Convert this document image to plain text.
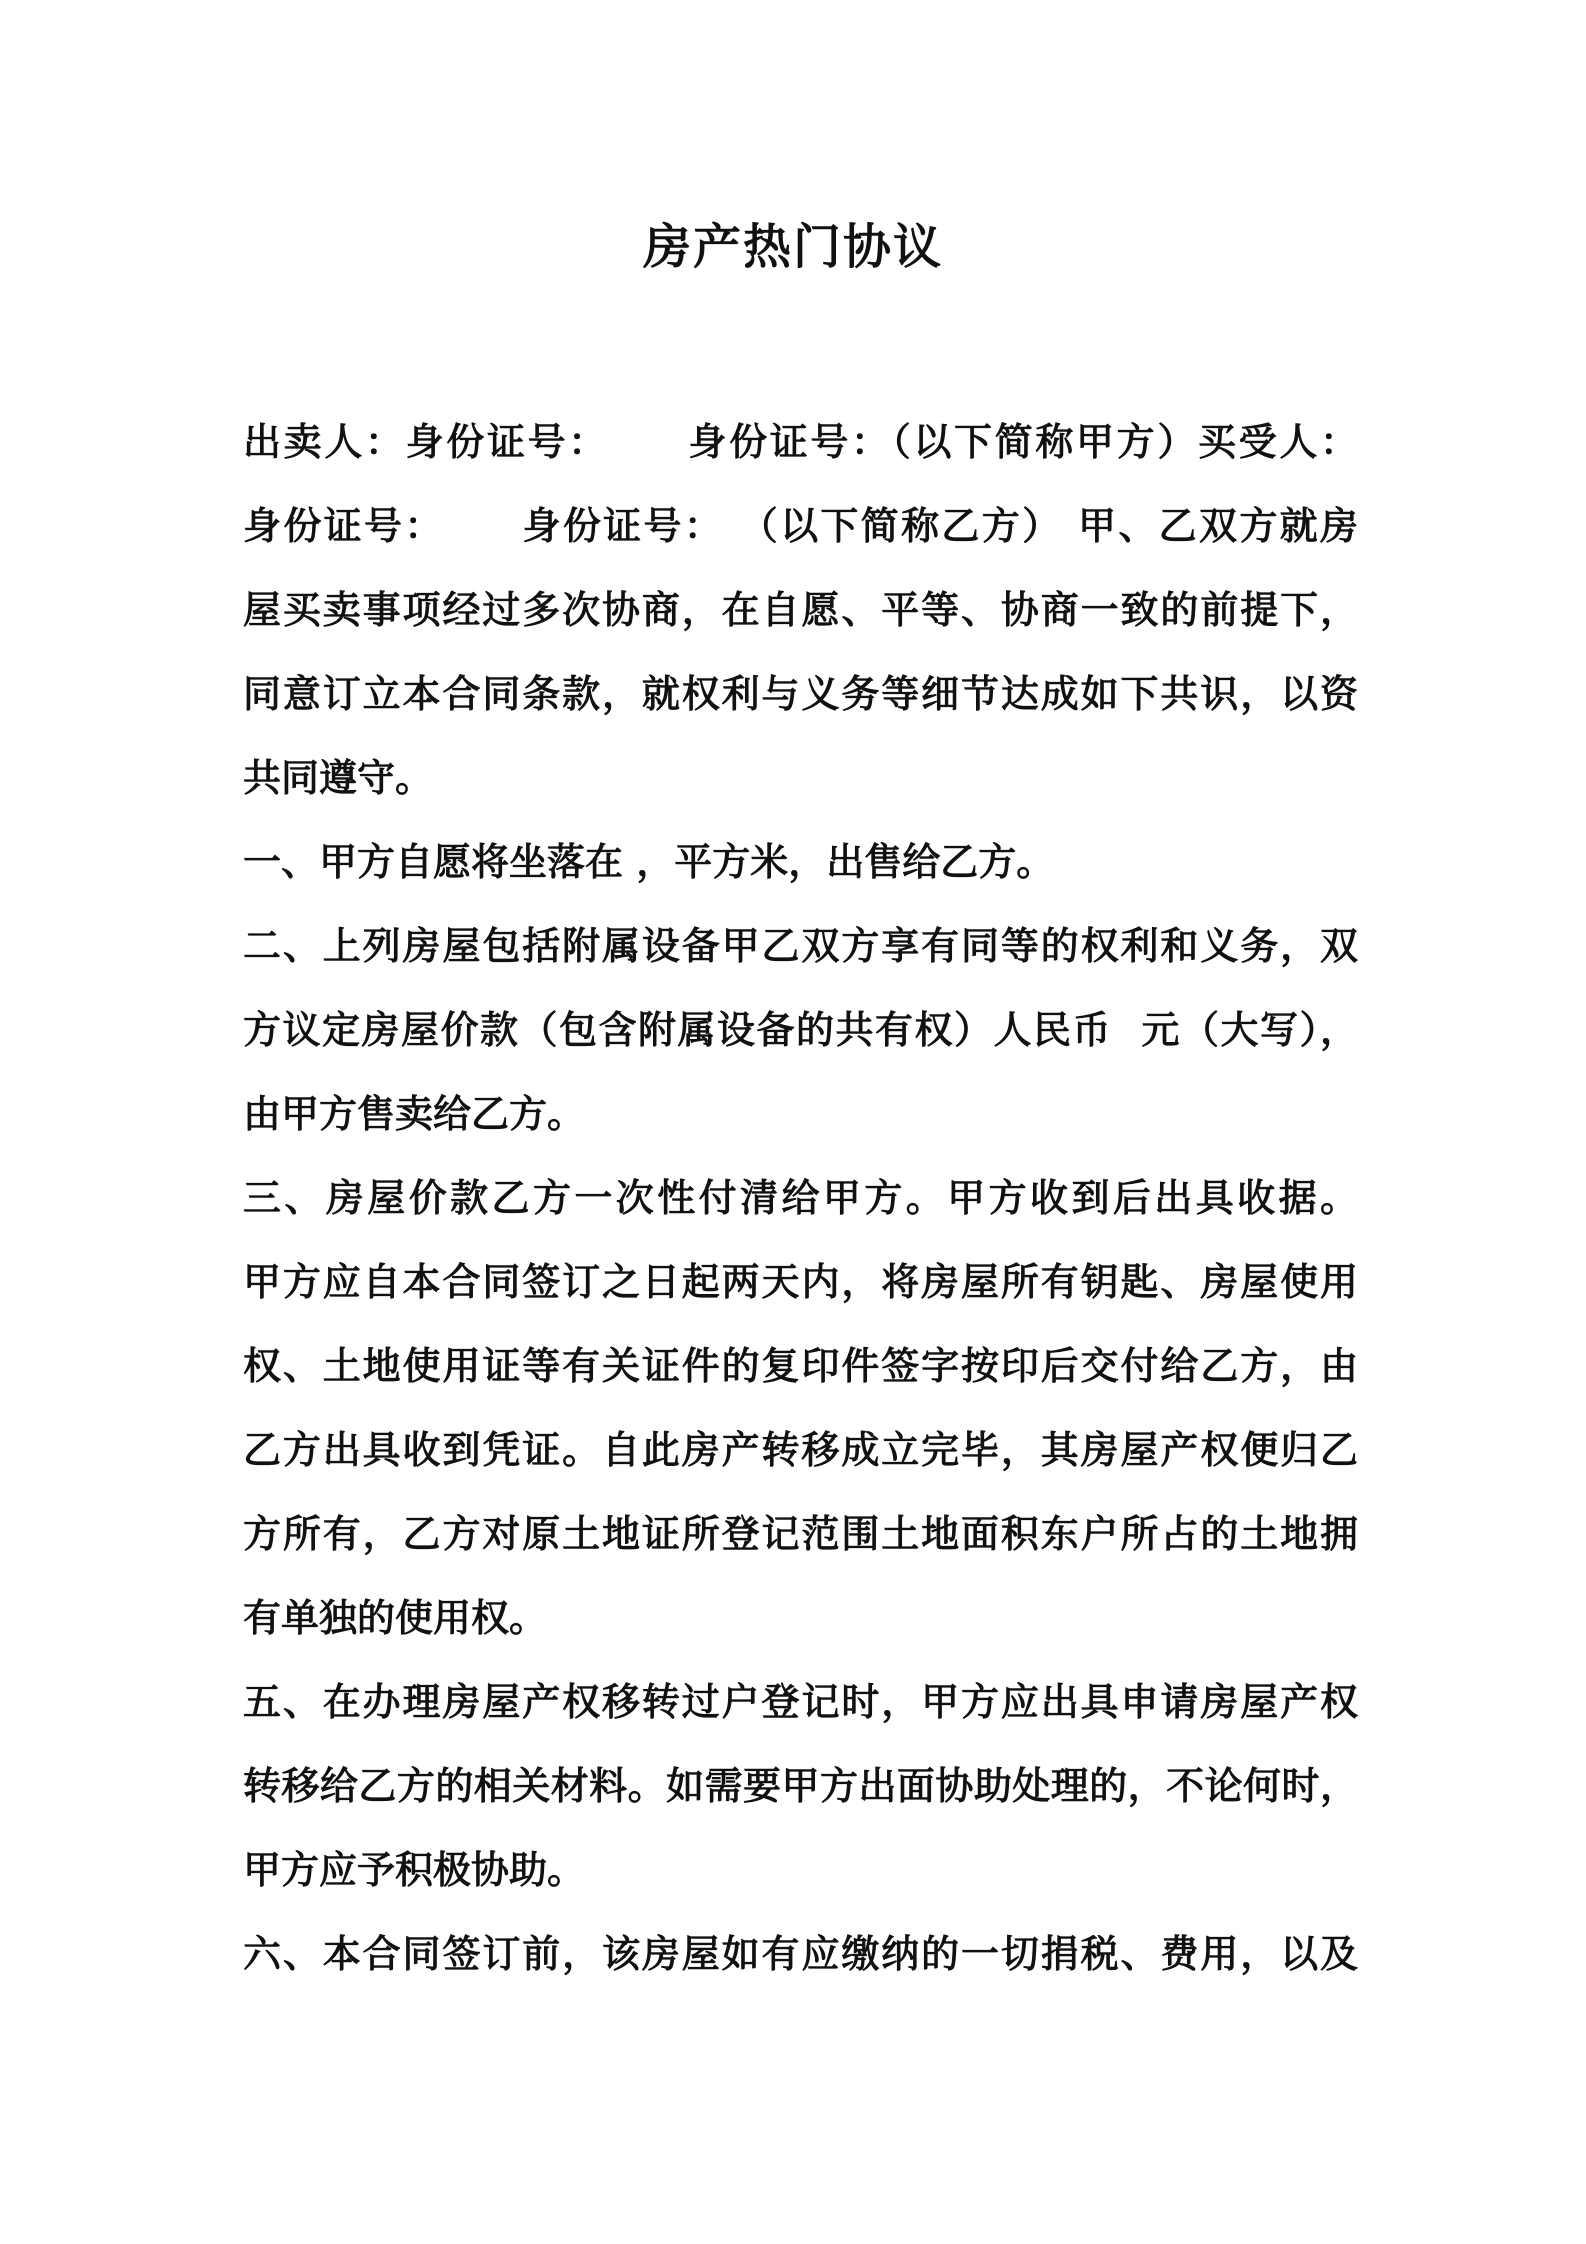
房产热门协议
出卖人：身份证号：     身份证号：（以下简称甲方）买受人：
身份证号：     身份证号： （以下简称乙方） 甲、乙双方就房
屋买卖事项经过多次协商，在自愿、平等、协商一致的前提下，
同意订立本合同条款，就权利与义务等细节达成如下共识，以资
共同遵守。
一、甲方自愿将坐落在 ，平方米，出售给乙方。
二、上列房屋包括附属设备甲乙双方享有同等的权利和义务，双
方议定房屋价款（包含附属设备的共有权）人民币  元（大写），
由甲方售卖给乙方。
三、房屋价款乙方一次性付清给甲方。甲方收到后出具收据。
甲方应自本合同签订之日起两天内，将房屋所有钥匙、房屋使用
权、土地使用证等有关证件的复印件签字按印后交付给乙方，由
乙方出具收到凭证。自此房产转移成立完毕，其房屋产权便归乙
方所有，乙方对原土地证所登记范围土地面积东户所占的土地拥
有单独的使用权。
五、在办理房屋产权移转过户登记时，甲方应出具申请房屋产权
转移给乙方的相关材料。如需要甲方出面协助处理的，不论何时，
甲方应予积极协助。
六、本合同签订前，该房屋如有应缴纳的一切捐税、费用，以及
